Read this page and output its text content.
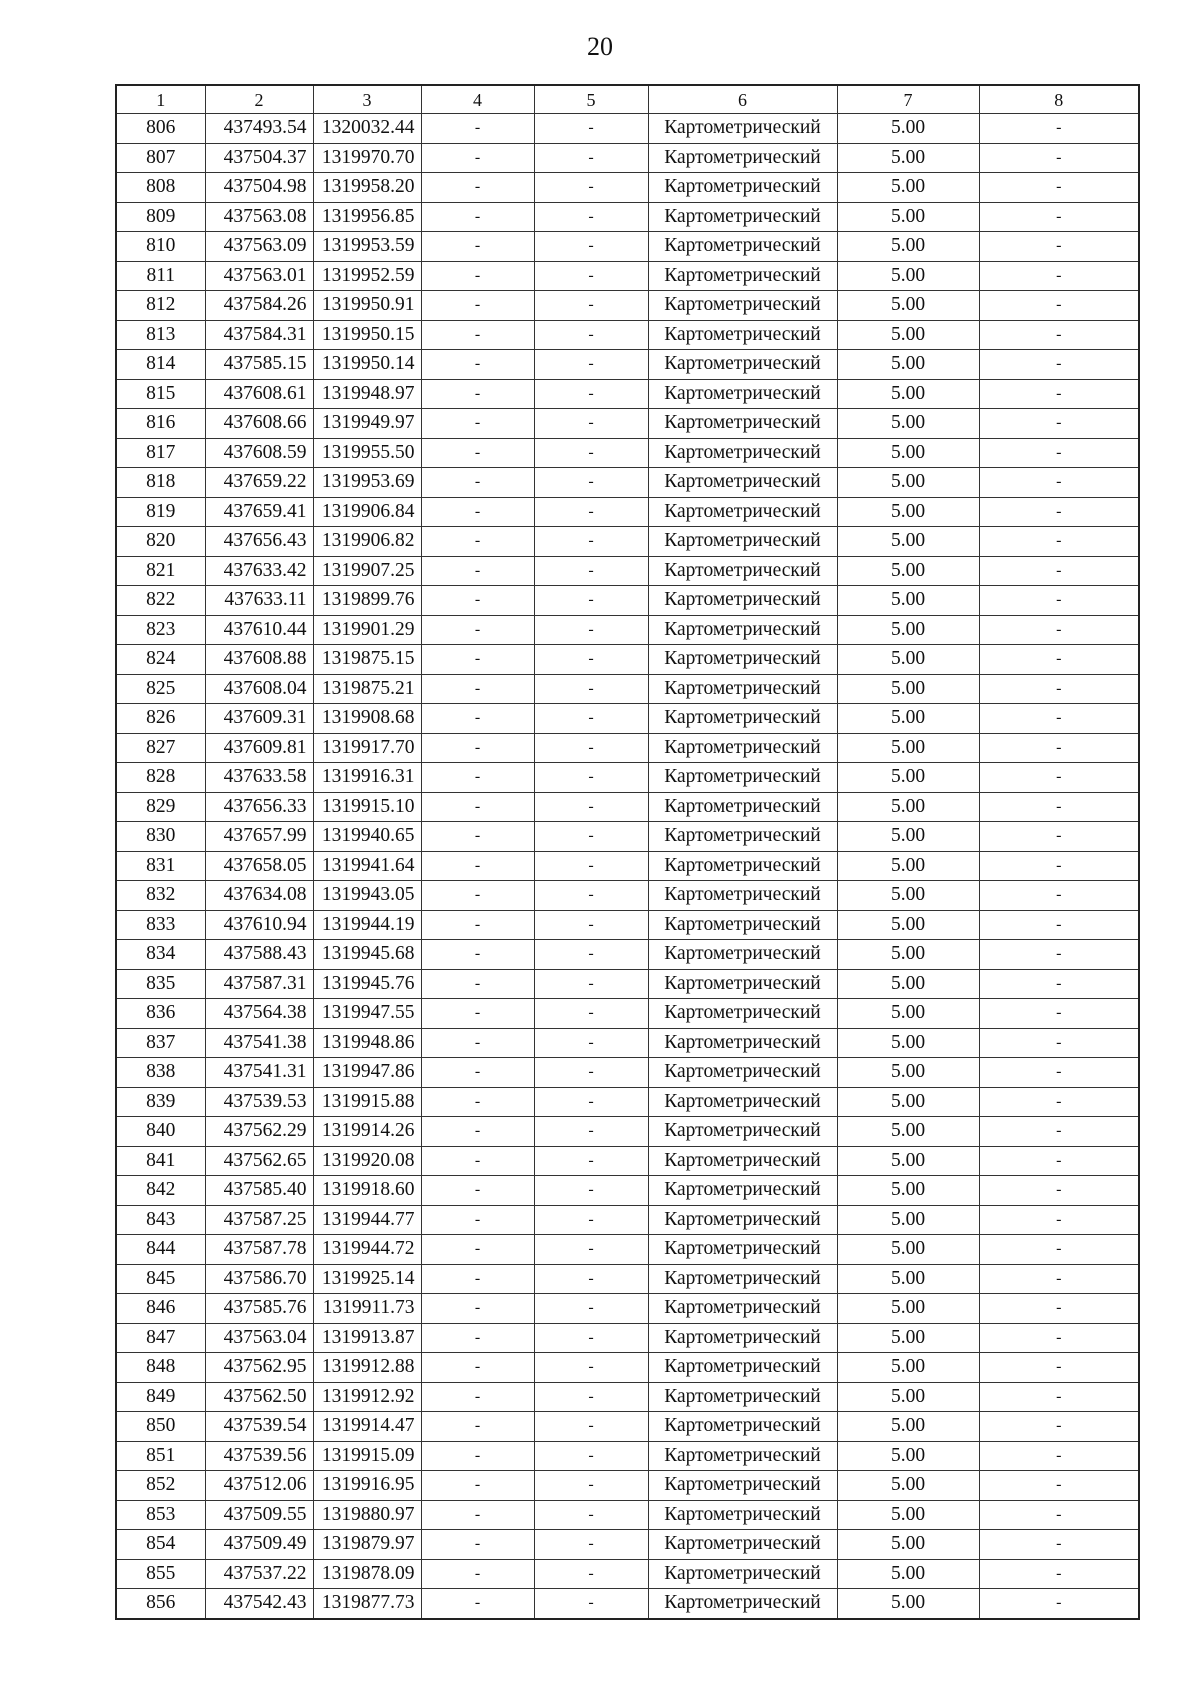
20
1	2	3	4	5	6	7	8
806	437493.54	1320032.44	-	-	Картометрический	5.00	-
807	437504.37	1319970.70	-	-	Картометрический	5.00	-
808	437504.98	1319958.20	-	-	Картометрический	5.00	-
809	437563.08	1319956.85	-	-	Картометрический	5.00	-
810	437563.09	1319953.59	-	-	Картометрический	5.00	-
811	437563.01	1319952.59	-	-	Картометрический	5.00	-
812	437584.26	1319950.91	-	-	Картометрический	5.00	-
813	437584.31	1319950.15	-	-	Картометрический	5.00	-
814	437585.15	1319950.14	-	-	Картометрический	5.00	-
815	437608.61	1319948.97	-	-	Картометрический	5.00	-
816	437608.66	1319949.97	-	-	Картометрический	5.00	-
817	437608.59	1319955.50	-	-	Картометрический	5.00	-
818	437659.22	1319953.69	-	-	Картометрический	5.00	-
819	437659.41	1319906.84	-	-	Картометрический	5.00	-
820	437656.43	1319906.82	-	-	Картометрический	5.00	-
821	437633.42	1319907.25	-	-	Картометрический	5.00	-
822	437633.11	1319899.76	-	-	Картометрический	5.00	-
823	437610.44	1319901.29	-	-	Картометрический	5.00	-
824	437608.88	1319875.15	-	-	Картометрический	5.00	-
825	437608.04	1319875.21	-	-	Картометрический	5.00	-
826	437609.31	1319908.68	-	-	Картометрический	5.00	-
827	437609.81	1319917.70	-	-	Картометрический	5.00	-
828	437633.58	1319916.31	-	-	Картометрический	5.00	-
829	437656.33	1319915.10	-	-	Картометрический	5.00	-
830	437657.99	1319940.65	-	-	Картометрический	5.00	-
831	437658.05	1319941.64	-	-	Картометрический	5.00	-
832	437634.08	1319943.05	-	-	Картометрический	5.00	-
833	437610.94	1319944.19	-	-	Картометрический	5.00	-
834	437588.43	1319945.68	-	-	Картометрический	5.00	-
835	437587.31	1319945.76	-	-	Картометрический	5.00	-
836	437564.38	1319947.55	-	-	Картометрический	5.00	-
837	437541.38	1319948.86	-	-	Картометрический	5.00	-
838	437541.31	1319947.86	-	-	Картометрический	5.00	-
839	437539.53	1319915.88	-	-	Картометрический	5.00	-
840	437562.29	1319914.26	-	-	Картометрический	5.00	-
841	437562.65	1319920.08	-	-	Картометрический	5.00	-
842	437585.40	1319918.60	-	-	Картометрический	5.00	-
843	437587.25	1319944.77	-	-	Картометрический	5.00	-
844	437587.78	1319944.72	-	-	Картометрический	5.00	-
845	437586.70	1319925.14	-	-	Картометрический	5.00	-
846	437585.76	1319911.73	-	-	Картометрический	5.00	-
847	437563.04	1319913.87	-	-	Картометрический	5.00	-
848	437562.95	1319912.88	-	-	Картометрический	5.00	-
849	437562.50	1319912.92	-	-	Картометрический	5.00	-
850	437539.54	1319914.47	-	-	Картометрический	5.00	-
851	437539.56	1319915.09	-	-	Картометрический	5.00	-
852	437512.06	1319916.95	-	-	Картометрический	5.00	-
853	437509.55	1319880.97	-	-	Картометрический	5.00	-
854	437509.49	1319879.97	-	-	Картометрический	5.00	-
855	437537.22	1319878.09	-	-	Картометрический	5.00	-
856	437542.43	1319877.73	-	-	Картометрический	5.00	-
